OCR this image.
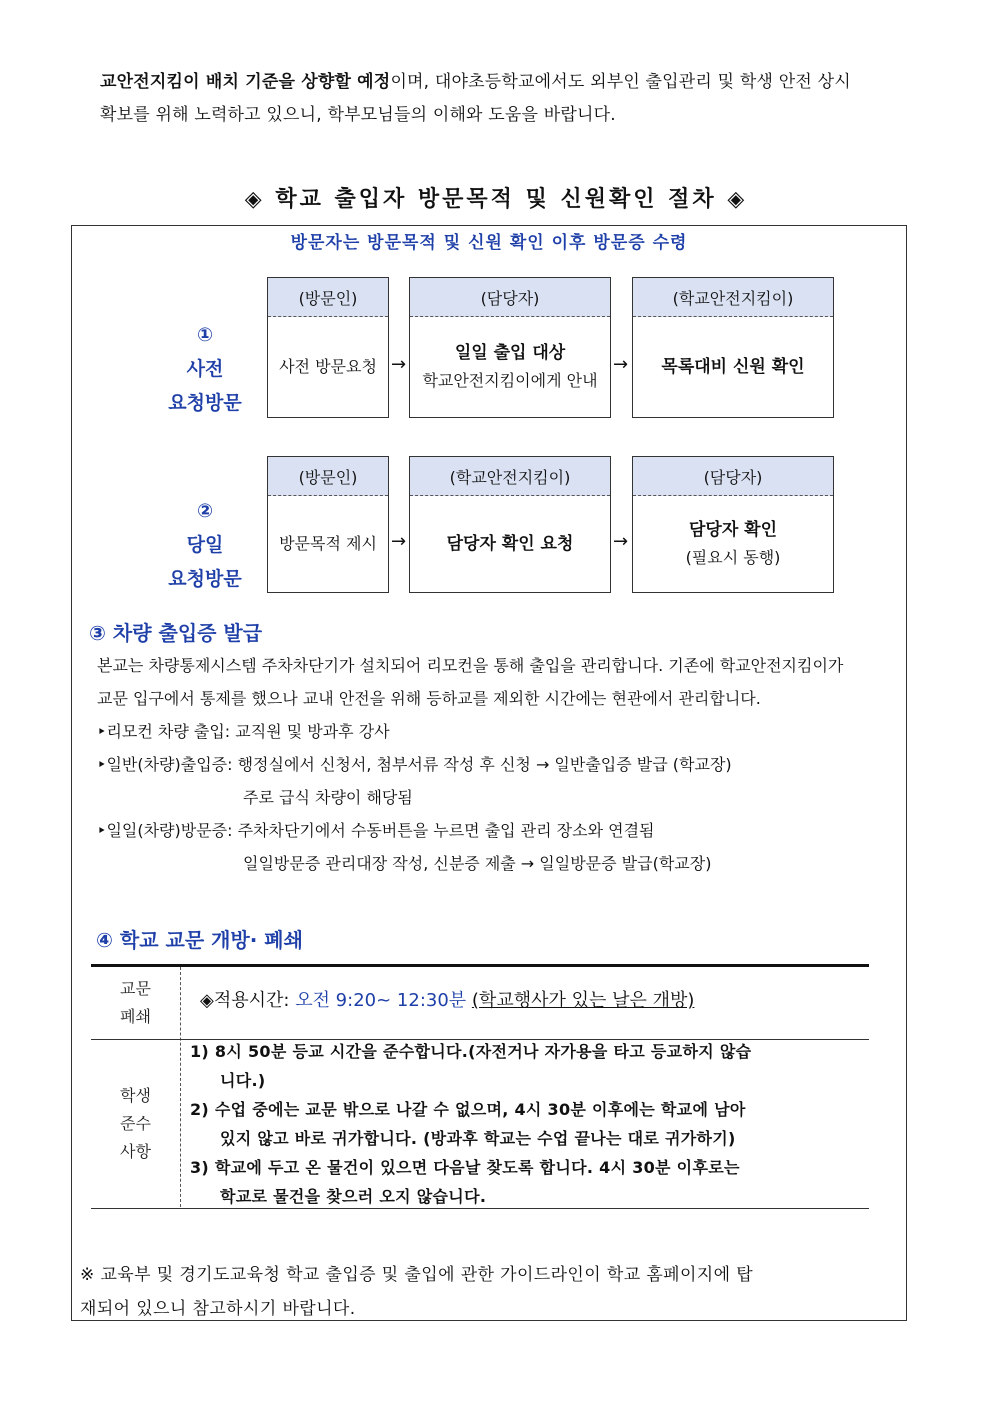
교안전지킴이 배치 기준을 상향할 예정이며, 대야초등학교에서도 외부인 출입관리 및 학생 안전 상시
확보를 위해 노력하고 있으니, 학부모님들의 이해와 도움을 바랍니다.
◈ 학교 출입자 방문목적 및 신원확인 절차 ◈
방문자는 방문목적 및 신원 확인 이후 방문증 수령
①
사전
요청방문
(방문인)
사전 방문요청 →
(담당자)
일일 출입 대상
학교안전지킴이에게 안내
→
(학교안전지킴이)
목록대비 신원 확인
②
당일
요청방문
(방문인)
방문목적 제시 →
(학교안전지킴이)
담당자 확인 요청 →
(담당자)
담당자 확인
(필요시 동행)
③ 차량 출입증 발급
본교는 차량통제시스템 주차차단기가 설치되어 리모컨을 통해 출입을 관리합니다. 기존에 학교안전지킴이가
교문 입구에서 통제를 했으나 교내 안전을 위해 등하교를 제외한 시간에는 현관에서 관리합니다.
‣리모컨 차량 출입: 교직원 및 방과후 강사
‣일반(차량)출입증: 행정실에서 신청서, 첨부서류 작성 후 신청 → 일반출입증 발급 (학교장)
주로 급식 차량이 해당됨
‣일일(차량)방문증: 주차차단기에서 수동버튼을 누르면 출입 관리 장소와 연결됨
일일방문증 관리대장 작성, 신분증 제출 → 일일방문증 발급(학교장)
④ 학교 교문 개방· 폐쇄
교문
폐쇄
◈적용시간: 오전 9:20~ 12:30분 (학교행사가 있는 날은 개방)
학생
준수
사항
1) 8시 50분 등교 시간을 준수합니다.(자전거나 자가용을 타고 등교하지 않습
니다.)
2) 수업 중에는 교문 밖으로 나갈 수 없으며, 4시 30분 이후에는 학교에 남아
있지 않고 바로 귀가합니다. (방과후 학교는 수업 끝나는 대로 귀가하기)
3) 학교에 두고 온 물건이 있으면 다음날 찾도록 합니다. 4시 30분 이후로는
학교로 물건을 찾으러 오지 않습니다.
※ 교육부 및 경기도교육청 학교 출입증 및 출입에 관한 가이드라인이 학교 홈페이지에 탑
재되어 있으니 참고하시기 바랍니다.
